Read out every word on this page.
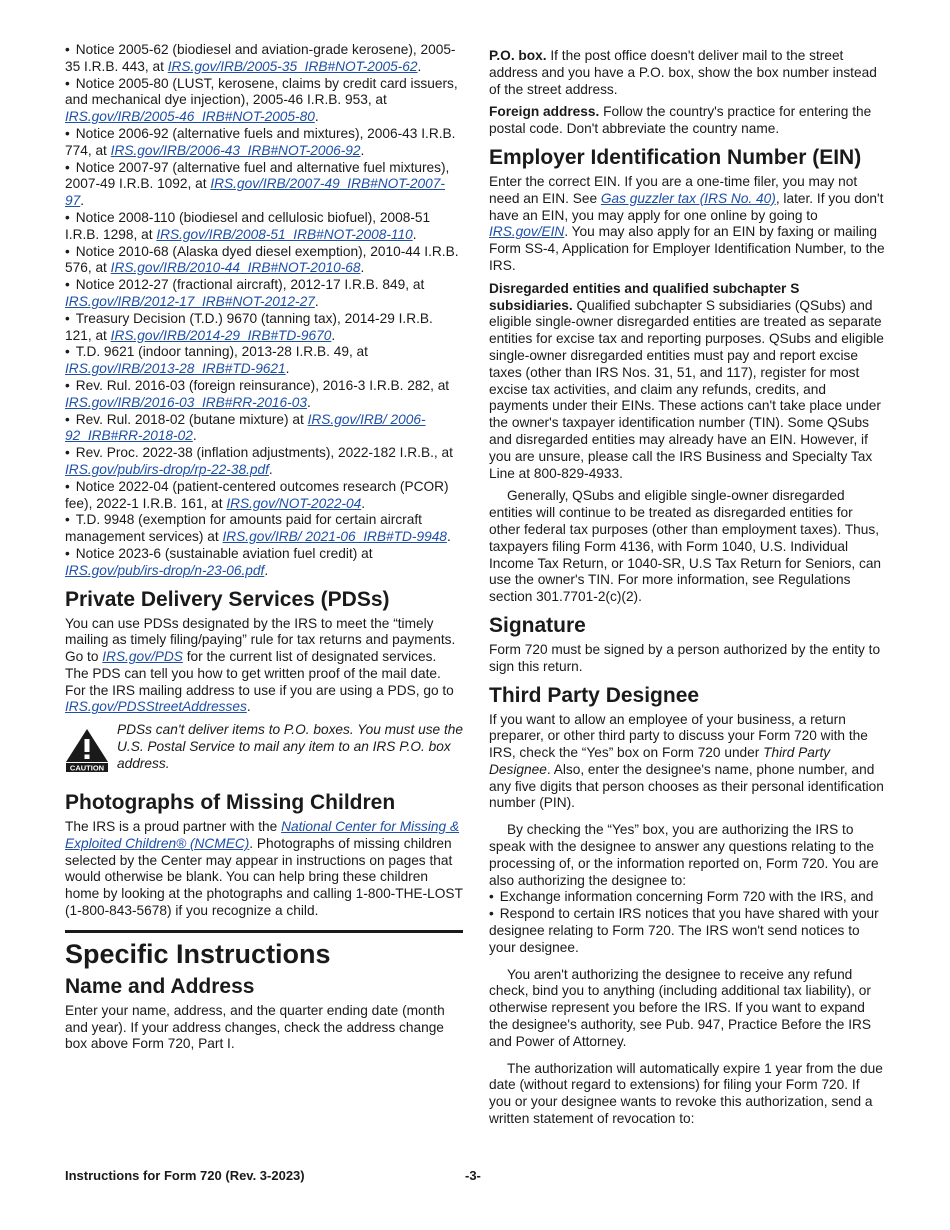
• Notice 2005-62 (biodiesel and aviation-grade kerosene), 2005-35 I.R.B. 443, at IRS.gov/IRB/2005-35_IRB#NOT-2005-62.

• Notice 2005-80 (LUST, kerosene, claims by credit card issuers, and mechanical dye injection), 2005-46 I.R.B. 953, at IRS.gov/IRB/2005-46_IRB#NOT-2005-80.

• Notice 2006-92 (alternative fuels and mixtures), 2006-43 I.R.B. 774, at IRS.gov/IRB/2006-43_IRB#NOT-2006-92.

• Notice 2007-97 (alternative fuel and alternative fuel mixtures), 2007-49 I.R.B. 1092, at IRS.gov/IRB/2007-49_IRB#NOT-2007-97.

• Notice 2008-110 (biodiesel and cellulosic biofuel), 2008-51 I.R.B. 1298, at IRS.gov/IRB/2008-51_IRB#NOT-2008-110.

• Notice 2010-68 (Alaska dyed diesel exemption), 2010-44 I.R.B. 576, at IRS.gov/IRB/2010-44_IRB#NOT-2010-68.

• Notice 2012-27 (fractional aircraft), 2012-17 I.R.B. 849, at IRS.gov/IRB/2012-17_IRB#NOT-2012-27.

• Treasury Decision (T.D.) 9670 (tanning tax), 2014-29 I.R.B. 121, at IRS.gov/IRB/2014-29_IRB#TD-9670.

• T.D. 9621 (indoor tanning), 2013-28 I.R.B. 49, at IRS.gov/IRB/2013-28_IRB#TD-9621.

• Rev. Rul. 2016-03 (foreign reinsurance), 2016-3 I.R.B. 282, at IRS.gov/IRB/2016-03_IRB#RR-2016-03.

• Rev. Rul. 2018-02 (butane mixture) at IRS.gov/IRB/ 2006-92_IRB#RR-2018-02.

• Rev. Proc. 2022-38 (inflation adjustments), 2022-182 I.R.B., at IRS.gov/pub/irs-drop/rp-22-38.pdf.

• Notice 2022-04 (patient-centered outcomes research (PCOR) fee), 2022-1 I.R.B. 161, at IRS.gov/NOT-2022-04.

• T.D. 9948 (exemption for amounts paid for certain aircraft management services) at IRS.gov/IRB/ 2021-06_IRB#TD-9948.

• Notice 2023-6 (sustainable aviation fuel credit) at IRS.gov/pub/irs-drop/n-23-06.pdf.

Private Delivery Services (PDSs)

You can use PDSs designated by the IRS to meet the “timely mailing as timely filing/paying” rule for tax returns and payments. Go to IRS.gov/PDS for the current list of designated services. The PDS can tell you how to get written proof of the mail date. For the IRS mailing address to use if you are using a PDS, go to IRS.gov/PDSStreetAddresses.

CAUTION

PDSs can't deliver items to P.O. boxes. You must use the U.S. Postal Service to mail any item to an IRS P.O. box address.

Photographs of Missing Children

The IRS is a proud partner with the National Center for Missing & Exploited Children® (NCMEC). Photographs of missing children selected by the Center may appear in instructions on pages that would otherwise be blank. You can help bring these children home by looking at the photographs and calling 1-800-THE-LOST (1-800-843-5678) if you recognize a child.

Specific Instructions
Name and Address

Enter your name, address, and the quarter ending date (month and year). If your address changes, check the address change box above Form 720, Part I.

P.O. box. If the post office doesn't deliver mail to the street address and you have a P.O. box, show the box number instead of the street address.

Foreign address. Follow the country's practice for entering the postal code. Don't abbreviate the country name.

Employer Identification Number (EIN)

Enter the correct EIN. If you are a one-time filer, you may not need an EIN. See Gas guzzler tax (IRS No. 40), later. If you don't have an EIN, you may apply for one online by going to IRS.gov/EIN. You may also apply for an EIN by faxing or mailing Form SS-4, Application for Employer Identification Number, to the IRS.

Disregarded entities and qualified subchapter S subsidiaries. Qualified subchapter S subsidiaries (QSubs) and eligible single-owner disregarded entities are treated as separate entities for excise tax and reporting purposes. QSubs and eligible single-owner disregarded entities must pay and report excise taxes (other than IRS Nos. 31, 51, and 117), register for most excise tax activities, and claim any refunds, credits, and payments under their EINs. These actions can't take place under the owner's taxpayer identification number (TIN). Some QSubs and disregarded entities may already have an EIN. However, if you are unsure, please call the IRS Business and Specialty Tax Line at 800-829-4933.

Generally, QSubs and eligible single-owner disregarded entities will continue to be treated as disregarded entities for other federal tax purposes (other than employment taxes). Thus, taxpayers filing Form 4136, with Form 1040, U.S. Individual Income Tax Return, or 1040-SR, U.S Tax Return for Seniors, can use the owner's TIN. For more information, see Regulations section 301.7701-2(c)(2).

Signature

Form 720 must be signed by a person authorized by the entity to sign this return.

Third Party Designee

If you want to allow an employee of your business, a return preparer, or other third party to discuss your Form 720 with the IRS, check the “Yes” box on Form 720 under Third Party Designee. Also, enter the designee's name, phone number, and any five digits that person chooses as their personal identification number (PIN).

By checking the “Yes” box, you are authorizing the IRS to speak with the designee to answer any questions relating to the processing of, or the information reported on, Form 720. You are also authorizing the designee to:

• Exchange information concerning Form 720 with the IRS, and

• Respond to certain IRS notices that you have shared with your designee relating to Form 720. The IRS won't send notices to your designee.

You aren't authorizing the designee to receive any refund check, bind you to anything (including additional tax liability), or otherwise represent you before the IRS. If you want to expand the designee's authority, see Pub. 947, Practice Before the IRS and Power of Attorney.

The authorization will automatically expire 1 year from the due date (without regard to extensions) for filing your Form 720. If you or your designee wants to revoke this authorization, send a written statement of revocation to:

Instructions for Form 720 (Rev. 3-2023)	-3-
